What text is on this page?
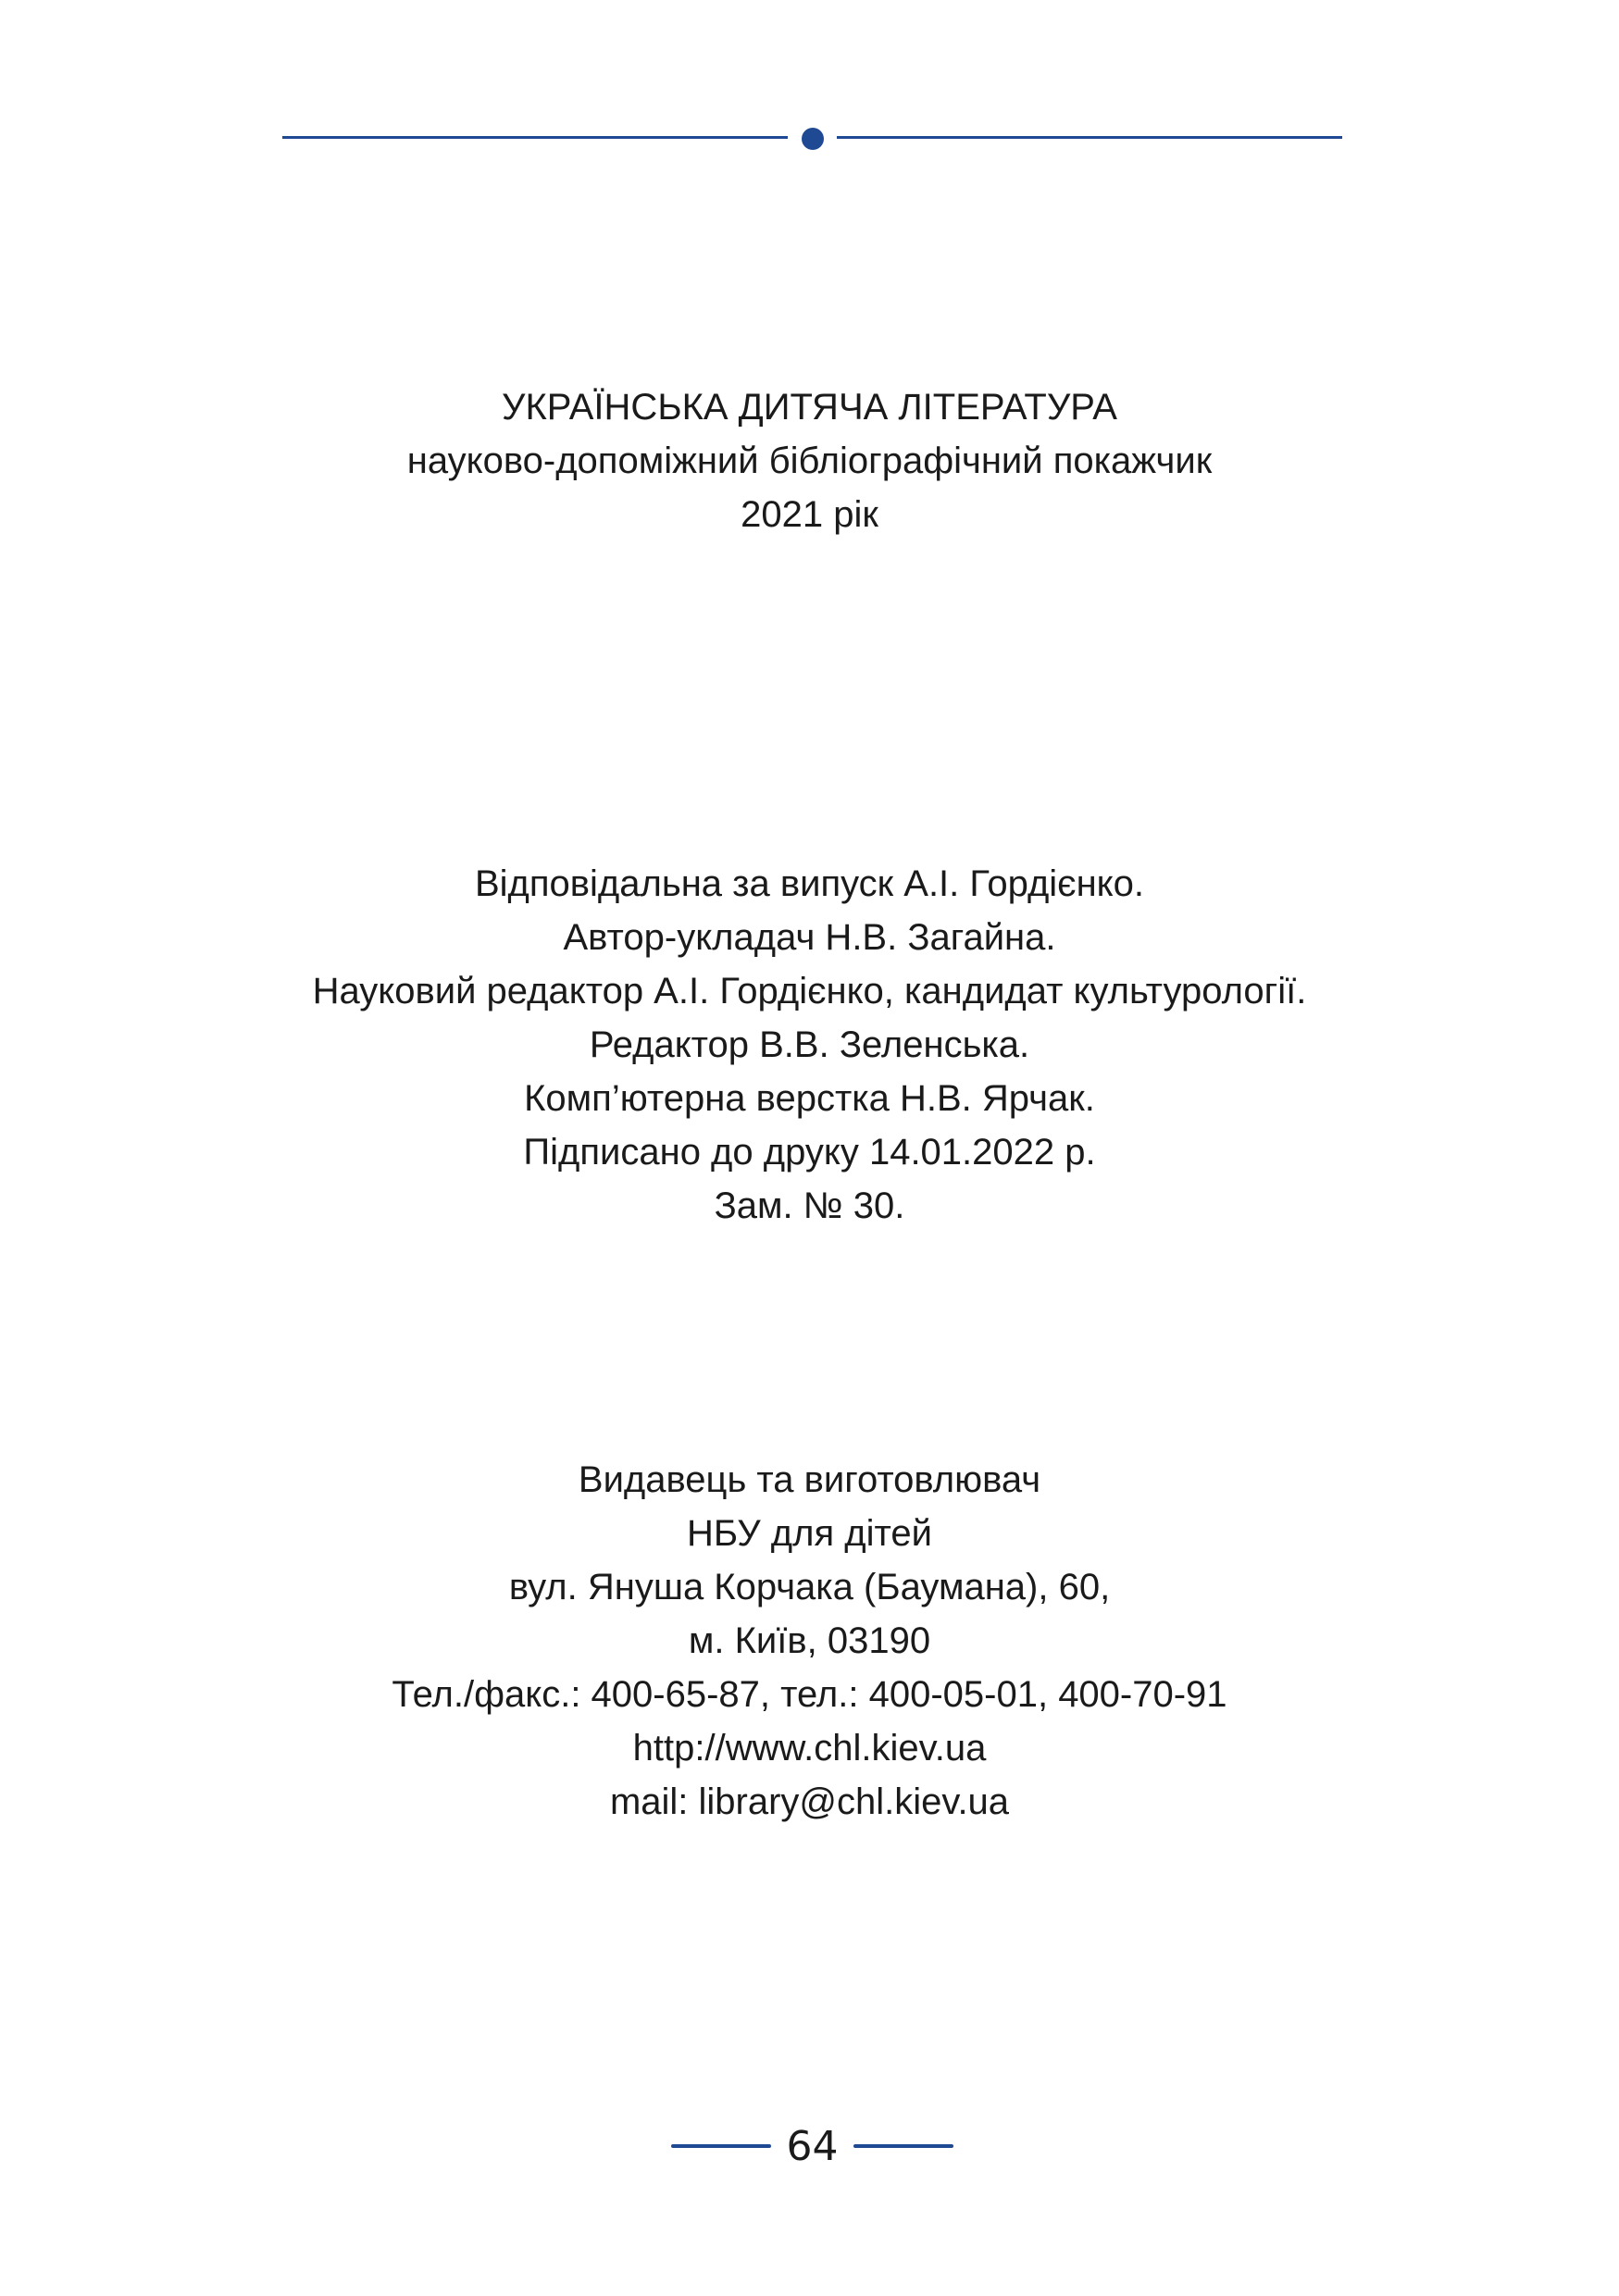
УКРАЇНСЬКА ДИТЯЧА ЛІТЕРАТУРА
науково-допоміжний бібліографічний покажчик
2021 рік
Відповідальна за випуск А.І. Гордієнко.
Автор-укладач Н.В. Загайна.
Науковий редактор А.І. Гордієнко, кандидат культурології.
Редактор В.В. Зеленська.
Комп’ютерна верстка Н.В. Ярчак.
Підписано до друку 14.01.2022 р.
Зам. № 30.
Видавець та виготовлювач
НБУ для дітей
вул. Януша Корчака (Баумана), 60,
м. Київ, 03190
Тел./факс.: 400-65-87, тел.: 400-05-01, 400-70-91
http://www.chl.kiev.ua
mail: library@chl.kiev.ua
64
